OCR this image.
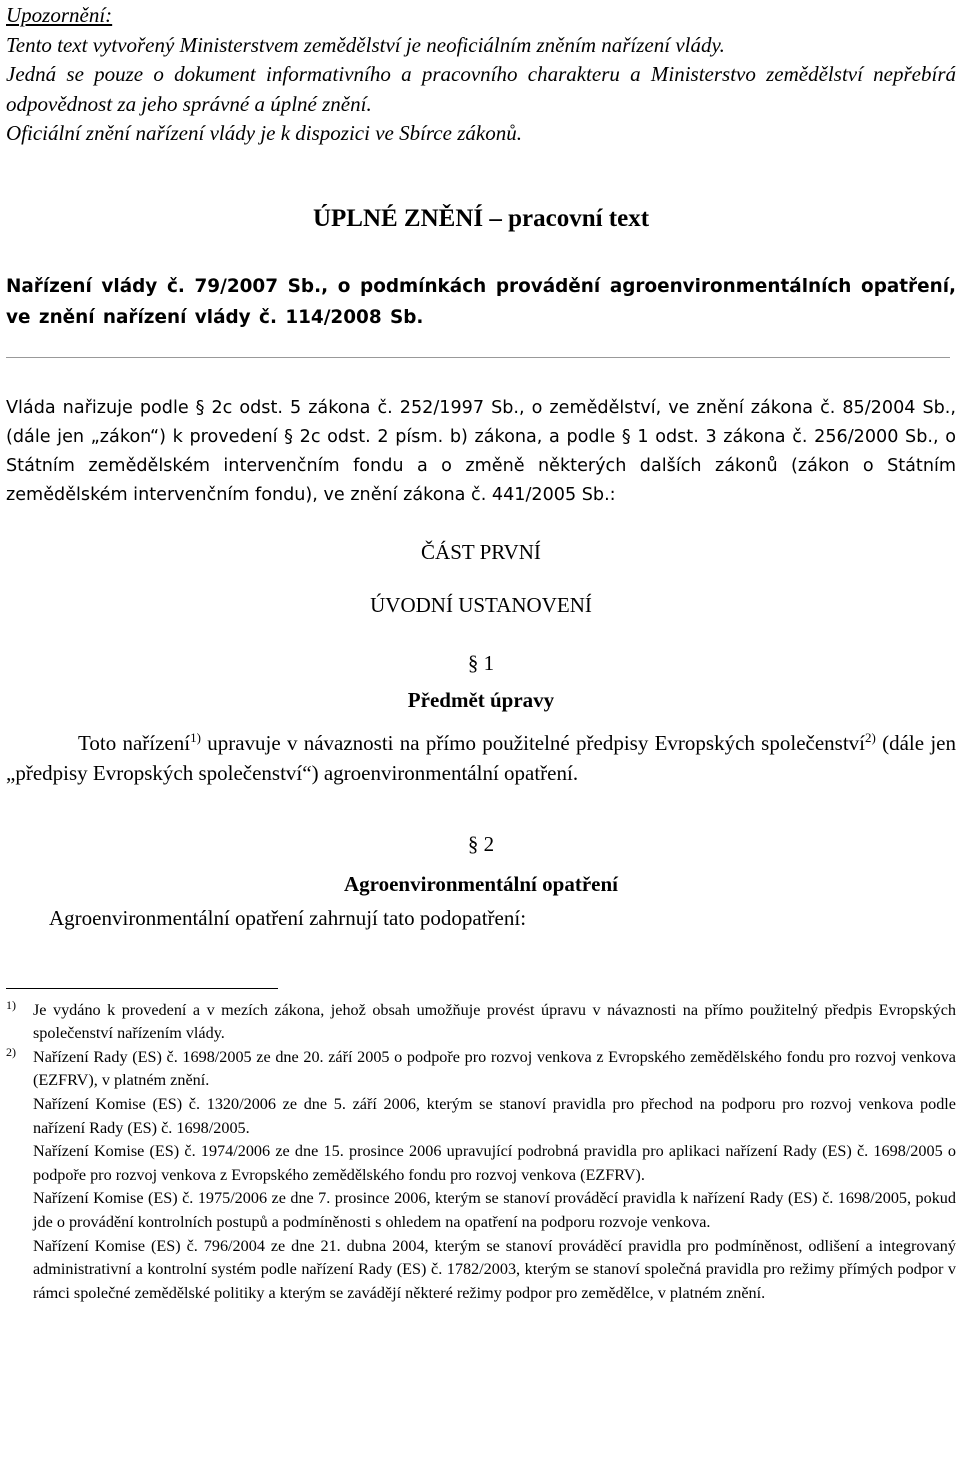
Upozornění:
Tento text vytvořený Ministerstvem zemědělství je neoficiálním zněním nařízení vlády.
Jedná se pouze o dokument informativního a pracovního charakteru a Ministerstvo zemědělství nepřebírá odpovědnost za jeho správné a úplné znění.
Oficiální znění nařízení vlády je k dispozici ve Sbírce zákonů.
ÚPLNÉ ZNĚNÍ – pracovní text
Nařízení vlády č. 79/2007 Sb., o podmínkách provádění agroenvironmentálních opatření, ve znění nařízení vlády č. 114/2008 Sb.
Vláda nařizuje podle § 2c odst. 5 zákona č. 252/1997 Sb., o zemědělství, ve znění zákona č. 85/2004 Sb., (dále jen „zákon“) k provedení § 2c odst. 2 písm. b) zákona, a podle § 1 odst. 3 zákona č. 256/2000 Sb., o Státním zemědělském intervenčním fondu a o změně některých dalších zákonů (zákon o Státním zemědělském intervenčním fondu), ve znění zákona č. 441/2005 Sb.:
ČÁST PRVNÍ
ÚVODNÍ USTANOVENÍ
§ 1
Předmět úpravy
Toto nařízení$^{1)}$ upravuje v návaznosti na přímo použitelné předpisy Evropských společenství$^{2)}$ (dále jen „předpisy Evropských společenství“) agroenvironmentální opatření.
§ 2
Agroenvironmentální opatření
Agroenvironmentální opatření zahrnují tato podopatření:
1) Je vydáno k provedení a v mezích zákona, jehož obsah umožňuje provést úpravu v návaznosti na přímo použitelný předpis Evropských společenství nařízením vlády.

2) Nařízení Rady (ES) č. 1698/2005 ze dne 20. září 2005 o podpoře pro rozvoj venkova z Evropského zemědělského fondu pro rozvoj venkova (EZFRV), v platném znění.

Nařízení Komise (ES) č. 1320/2006 ze dne 5. září 2006, kterým se stanoví pravidla pro přechod na podporu pro rozvoj venkova podle nařízení Rady (ES) č. 1698/2005.

Nařízení Komise (ES) č. 1974/2006 ze dne 15. prosince 2006 upravující podrobná pravidla pro aplikaci nařízení Rady (ES) č. 1698/2005 o podpoře pro rozvoj venkova z Evropského zemědělského fondu pro rozvoj venkova (EZFRV).

Nařízení Komise (ES) č. 1975/2006 ze dne 7. prosince 2006, kterým se stanoví prováděcí pravidla k nařízení Rady (ES) č. 1698/2005, pokud jde o provádění kontrolních postupů a podmíněnosti s ohledem na opatření na podporu rozvoje venkova.

Nařízení Komise (ES) č. 796/2004 ze dne 21. dubna 2004, kterým se stanoví prováděcí pravidla pro podmíněnost, odlišení a integrovaný administrativní a kontrolní systém podle nařízení Rady (ES) č. 1782/2003, kterým se stanoví společná pravidla pro režimy přímých podpor v rámci společné zemědělské politiky a kterým se zavádějí některé režimy podpor pro zemědělce, v platném znění.
